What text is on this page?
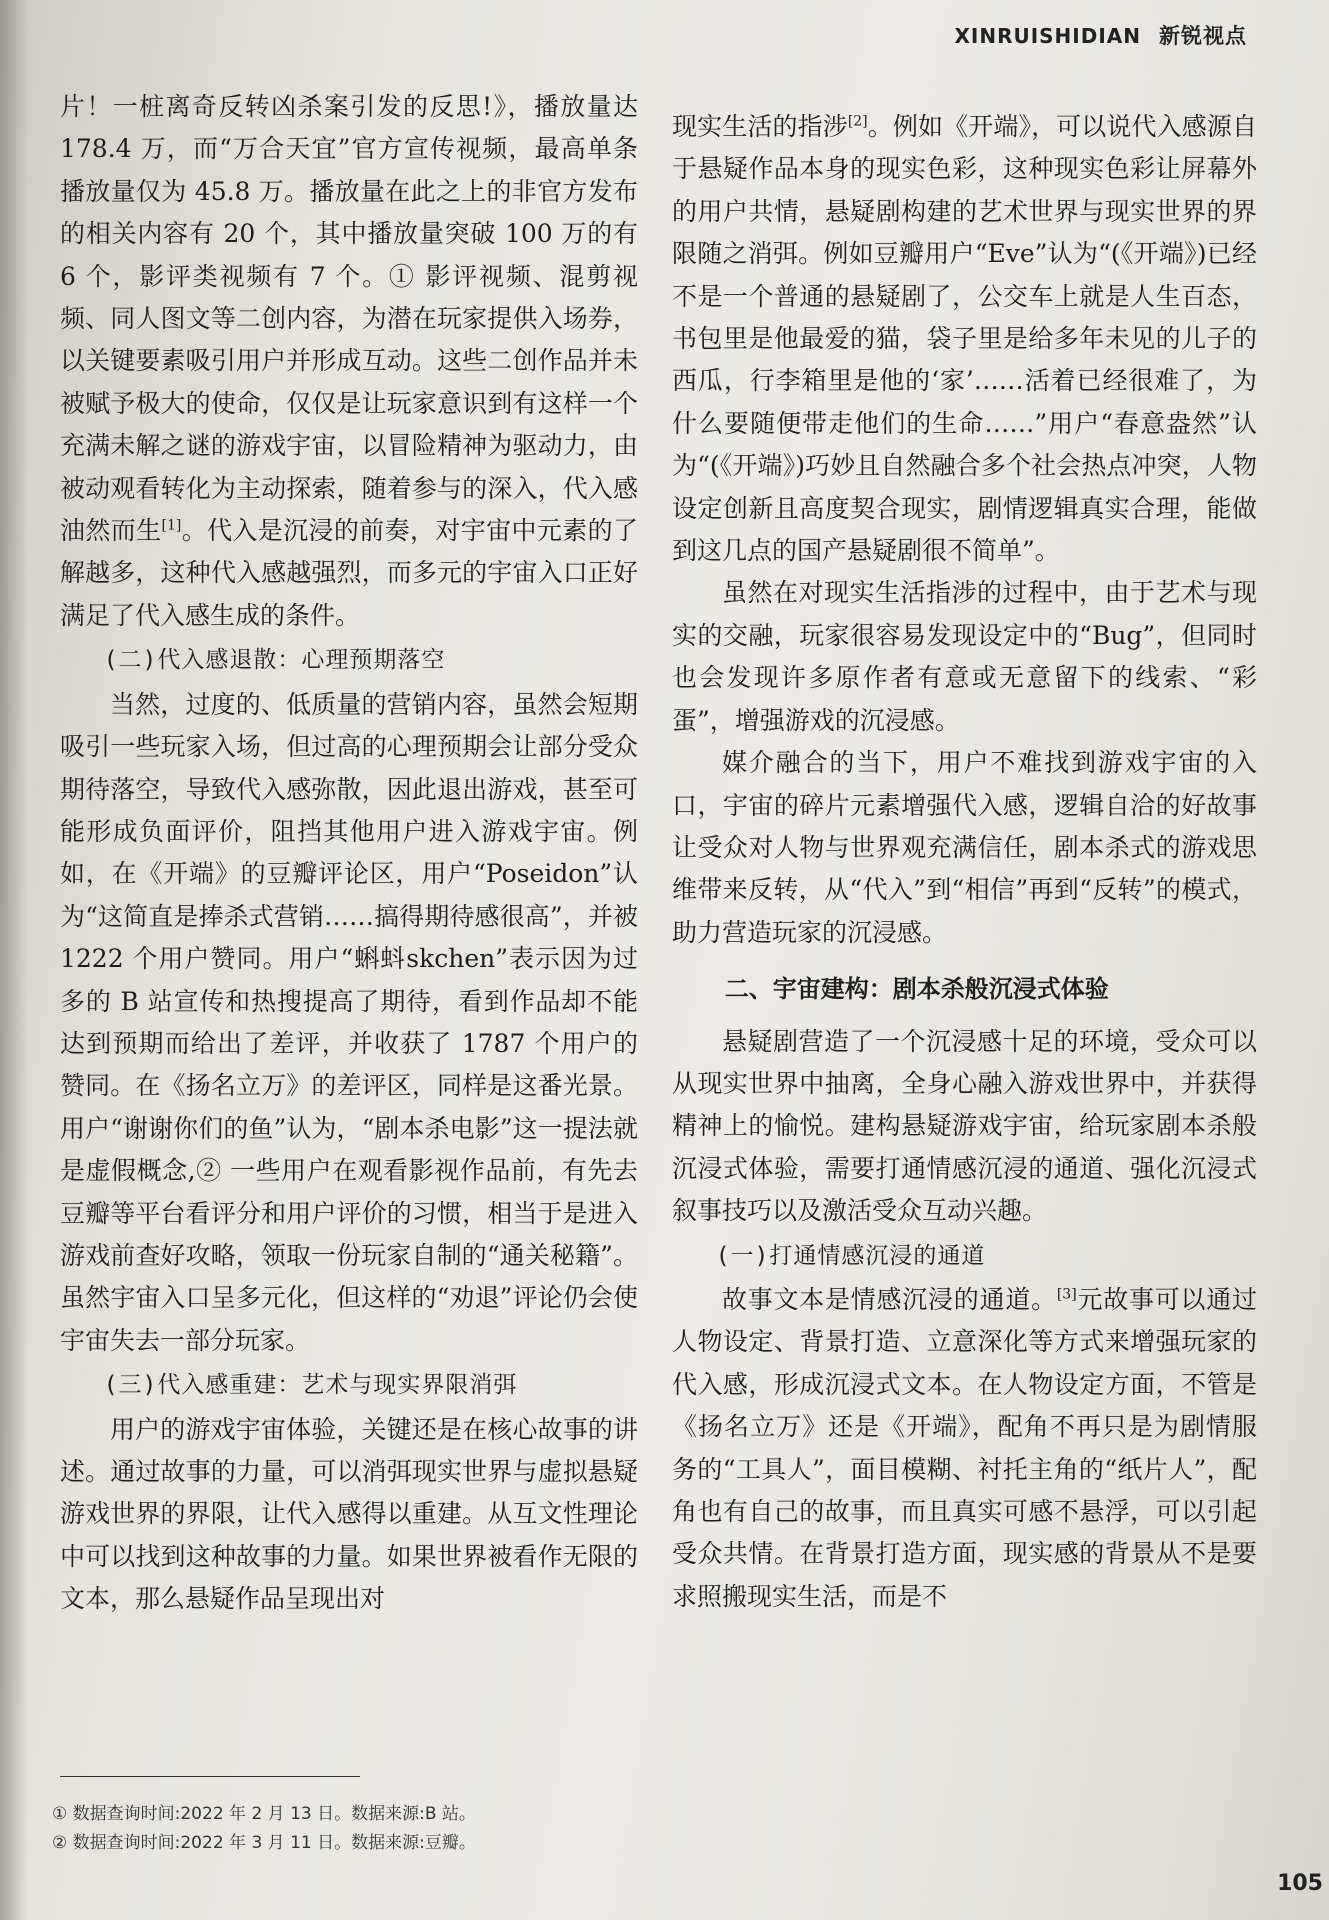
XINRUISHIDIAN 新锐视点

片！一桩离奇反转凶杀案引发的反思!》，播放量达 178.4 万，而“万合天宜”官方宣传视频，最高单条播放量仅为 45.8 万。播放量在此之上的非官方发布的相关内容有 20 个，其中播放量突破 100 万的有 6 个，影评类视频有 7 个。① 影评视频、混剪视频、同人图文等二创内容，为潜在玩家提供入场券，以关键要素吸引用户并形成互动。这些二创作品并未被赋予极大的使命，仅仅是让玩家意识到有这样一个充满未解之谜的游戏宇宙，以冒险精神为驱动力，由被动观看转化为主动探索，随着参与的深入，代入感油然而生[1]。代入是沉浸的前奏，对宇宙中元素的了解越多，这种代入感越强烈，而多元的宇宙入口正好满足了代入感生成的条件。

(二)代入感退散：心理预期落空

当然，过度的、低质量的营销内容，虽然会短期吸引一些玩家入场，但过高的心理预期会让部分受众期待落空，导致代入感弥散，因此退出游戏，甚至可能形成负面评价，阻挡其他用户进入游戏宇宙。例如，在《开端》的豆瓣评论区，用户“Poseidon”认为“这简直是捧杀式营销……搞得期待感很高”，并被 1222 个用户赞同。用户“蝌蚪skchen”表示因为过多的 B 站宣传和热搜提高了期待，看到作品却不能达到预期而给出了差评，并收获了 1787 个用户的赞同。在《扬名立万》的差评区，同样是这番光景。用户“谢谢你们的鱼”认为，“剧本杀电影”这一提法就是虚假概念,② 一些用户在观看影视作品前，有先去豆瓣等平台看评分和用户评价的习惯，相当于是进入游戏前查好攻略，领取一份玩家自制的“通关秘籍”。虽然宇宙入口呈多元化，但这样的“劝退”评论仍会使宇宙失去一部分玩家。

(三)代入感重建：艺术与现实界限消弭

用户的游戏宇宙体验，关键还是在核心故事的讲述。通过故事的力量，可以消弭现实世界与虚拟悬疑游戏世界的界限，让代入感得以重建。从互文性理论中可以找到这种故事的力量。如果世界被看作无限的文本，那么悬疑作品呈现出对

现实生活的指涉[2]。例如《开端》，可以说代入感源自于悬疑作品本身的现实色彩，这种现实色彩让屏幕外的用户共情，悬疑剧构建的艺术世界与现实世界的界限随之消弭。例如豆瓣用户“Eve”认为“(《开端》)已经不是一个普通的悬疑剧了，公交车上就是人生百态，书包里是他最爱的猫，袋子里是给多年未见的儿子的西瓜，行李箱里是他的‘家’……活着已经很难了，为什么要随便带走他们的生命……”用户“春意盎然”认为“(《开端》)巧妙且自然融合多个社会热点冲突，人物设定创新且高度契合现实，剧情逻辑真实合理，能做到这几点的国产悬疑剧很不简单”。

虽然在对现实生活指涉的过程中，由于艺术与现实的交融，玩家很容易发现设定中的“Bug”，但同时也会发现许多原作者有意或无意留下的线索、“彩蛋”，增强游戏的沉浸感。

媒介融合的当下，用户不难找到游戏宇宙的入口，宇宙的碎片元素增强代入感，逻辑自洽的好故事让受众对人物与世界观充满信任，剧本杀式的游戏思维带来反转，从“代入”到“相信”再到“反转”的模式，助力营造玩家的沉浸感。

二、宇宙建构：剧本杀般沉浸式体验

悬疑剧营造了一个沉浸感十足的环境，受众可以从现实世界中抽离，全身心融入游戏世界中，并获得精神上的愉悦。建构悬疑游戏宇宙，给玩家剧本杀般沉浸式体验，需要打通情感沉浸的通道、强化沉浸式叙事技巧以及激活受众互动兴趣。

(一)打通情感沉浸的通道

故事文本是情感沉浸的通道。[3]元故事可以通过人物设定、背景打造、立意深化等方式来增强玩家的代入感，形成沉浸式文本。在人物设定方面，不管是《扬名立万》还是《开端》，配角不再只是为剧情服务的“工具人”，面目模糊、衬托主角的“纸片人”，配角也有自己的故事，而且真实可感不悬浮，可以引起受众共情。在背景打造方面，现实感的背景从不是要求照搬现实生活，而是不

① 数据查询时间:2022 年 2 月 13 日。数据来源:B 站。
② 数据查询时间:2022 年 3 月 11 日。数据来源:豆瓣。
105
